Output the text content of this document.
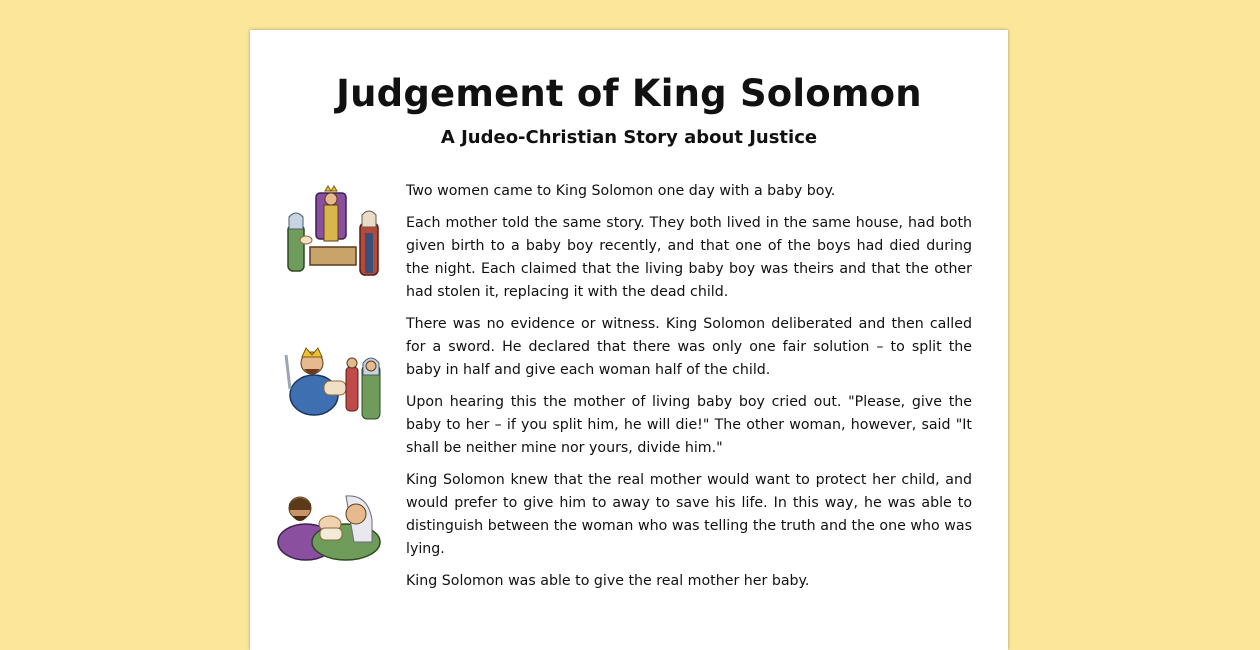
Judgement of King Solomon
A Judeo-Christian Story about Justice

Two women came to King Solomon one day with a baby boy.

Each mother told the same story. They both lived in the same house, had both given birth to a baby boy recently, and that one of the boys had died during the night. Each claimed that the living baby boy was theirs and that the other had stolen it, replacing it with the dead child.

There was no evidence or witness. King Solomon deliberated and then called for a sword. He declared that there was only one fair solution – to split the baby in half and give each woman half of the child.

Upon hearing this the mother of living baby boy cried out. "Please, give the baby to her – if you split him, he will die!" The other woman, however, said "It shall be neither mine nor yours, divide him."

King Solomon knew that the real mother would want to protect her child, and would prefer to give him to away to save his life. In this way, he was able to distinguish between the woman who was telling the truth and the one who was lying.

King Solomon was able to give the real mother her baby.
